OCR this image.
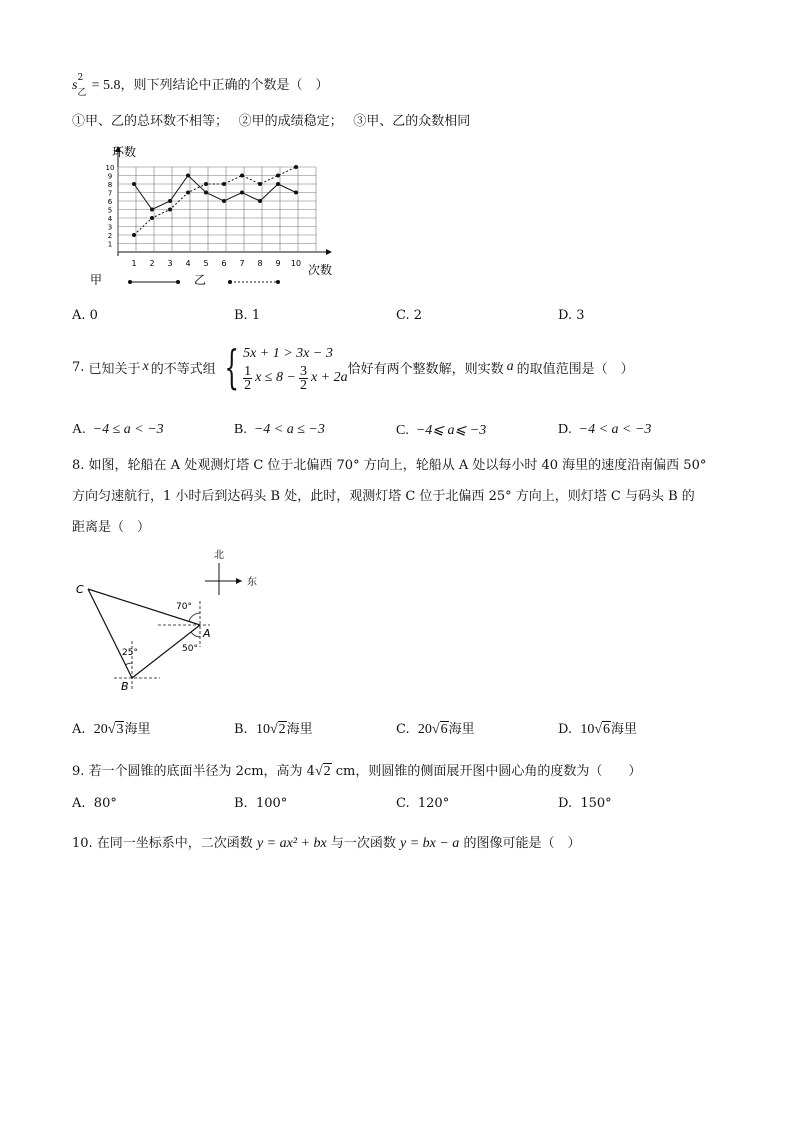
s
2
乙 = 5.8，则下列结论中正确的个数是（　）
①甲、乙的总环数不相等；　 ②甲的成绩稳定；　 ③甲、乙的众数相同
1
2
3
4
5
6
7
8
9
10
1 2 3 4 5 6 7 8 9 10
环数
次数
甲	乙
A. 0	B. 1	C. 2	D. 3
7.
已知关于 x 的不等式组 { 5x + 1 > 3x − 3
$\frac{1}{2}$ $x \le 8 - \frac{3}{2}$ x + 2a
恰好有两个整数解，则实数 a 的取值范围是（　）
A. −4 ≤ a < −3	B. −4 < a ≤ −3	C. −4⩽ a⩽ −3	D. −4 < a < −3
8. 如图，轮船在 A 处观测灯塔 C 位于北偏西 70° 方向上，轮船从 A 处以每小时 40 海里的速度沿南偏西 50°
方向匀速航行，1 小时后到达码头 B 处，此时，观测灯塔 C 位于北偏西 25° 方向上，则灯塔 C 与码头 B 的
距离是（　）
北
东
C
A
B
70°
50°
25°
A. 20√3海里	B. 10√2海里	C. 20√6海里	D. 10√6海里
9. 若一个圆锥的底面半径为 2cm，高为 4√2 cm，则圆锥的侧面展开图中圆心角的度数为（　　）
A. 80°	B. 100°	C. 120°	D. 150°
10. 在同一坐标系中，二次函数 y = ax² + bx 与一次函数 y = bx − a 的图像可能是（　）
